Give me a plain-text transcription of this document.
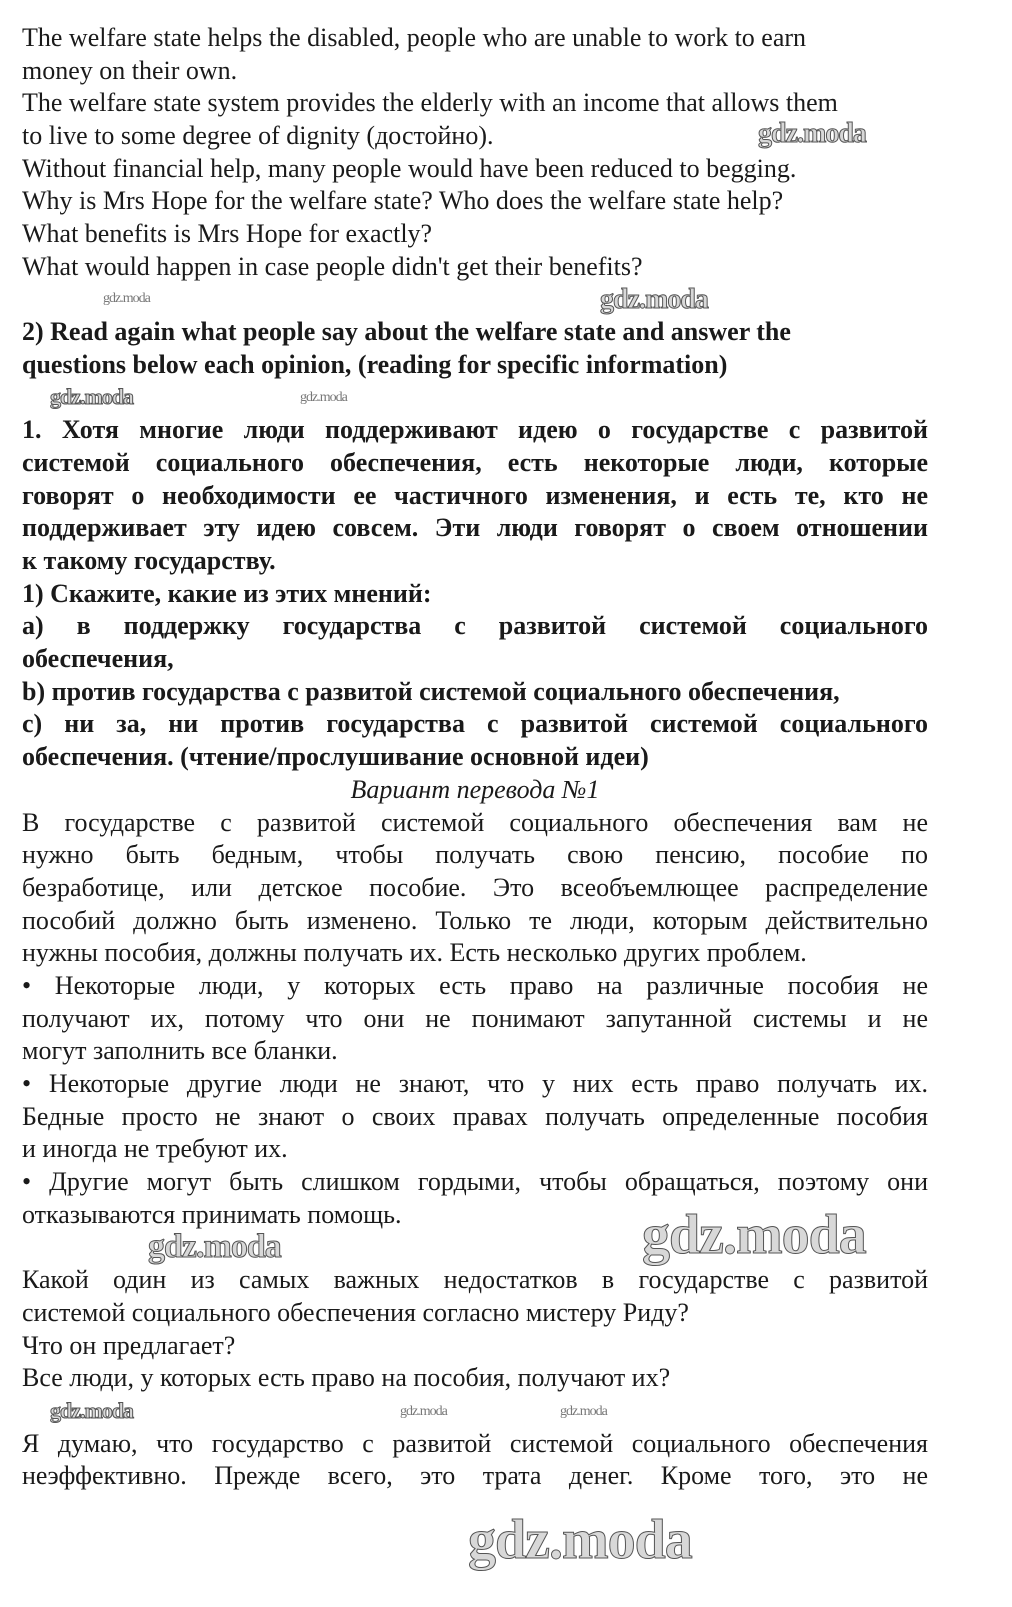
The welfare state helps the disabled, people who are unable to work to earn
money on their own.
The welfare state system provides the elderly with an income that allows them
to live to some degree of dignity (достойно).
Without financial help, many people would have been reduced to begging.
Why is Mrs Hope for the welfare state? Who does the welfare state help?
What benefits is Mrs Hope for exactly?
What would happen in case people didn't get their benefits?
2) Read again what people say about the welfare state and answer the
questions below each opinion, (reading for specific information)
1. Хотя многие люди поддерживают идею о государстве с развитой
системой социального обеспечения, есть некоторые люди, которые
говорят о необходимости ее частичного изменения, и есть те, кто не
поддерживает эту идею совсем. Эти люди говорят о своем отношении
к такому государству.
1) Скажите, какие из этих мнений:
a) в поддержку государства с развитой системой социального
обеспечения,
b) против государства с развитой системой социального обеспечения,
c) ни за, ни против государства с развитой системой социального
обеспечения. (чтение/прослушивание основной идеи)
Вариант перевода №1
В государстве с развитой системой социального обеспечения вам не
нужно быть бедным, чтобы получать свою пенсию, пособие по
безработице, или детское пособие. Это всеобъемлющее распределение
пособий должно быть изменено. Только те люди, которым действительно
нужны пособия, должны получать их. Есть несколько других проблем.
• Некоторые люди, у которых есть право на различные пособия не
получают их, потому что они не понимают запутанной системы и не
могут заполнить все бланки.
• Некоторые другие люди не знают, что у них есть право получать их.
Бедные просто не знают о своих правах получать определенные пособия
и иногда не требуют их.
• Другие могут быть слишком гордыми, чтобы обращаться, поэтому они
отказываются принимать помощь.
Какой один из самых важных недостатков в государстве с развитой
системой социального обеспечения согласно мистеру Риду?
Что он предлагает?
Все люди, у которых есть право на пособия, получают их?
Я думаю, что государство с развитой системой социального обеспечения
неэффективно. Прежде всего, это трата денег. Кроме того, это не
gdz.moda
gdz.moda
gdz.moda
gdz.moda
gdz.moda
gdz.moda
gdz.moda	gdz.moda	gdz.moda
gdz.moda	gdz.moda
